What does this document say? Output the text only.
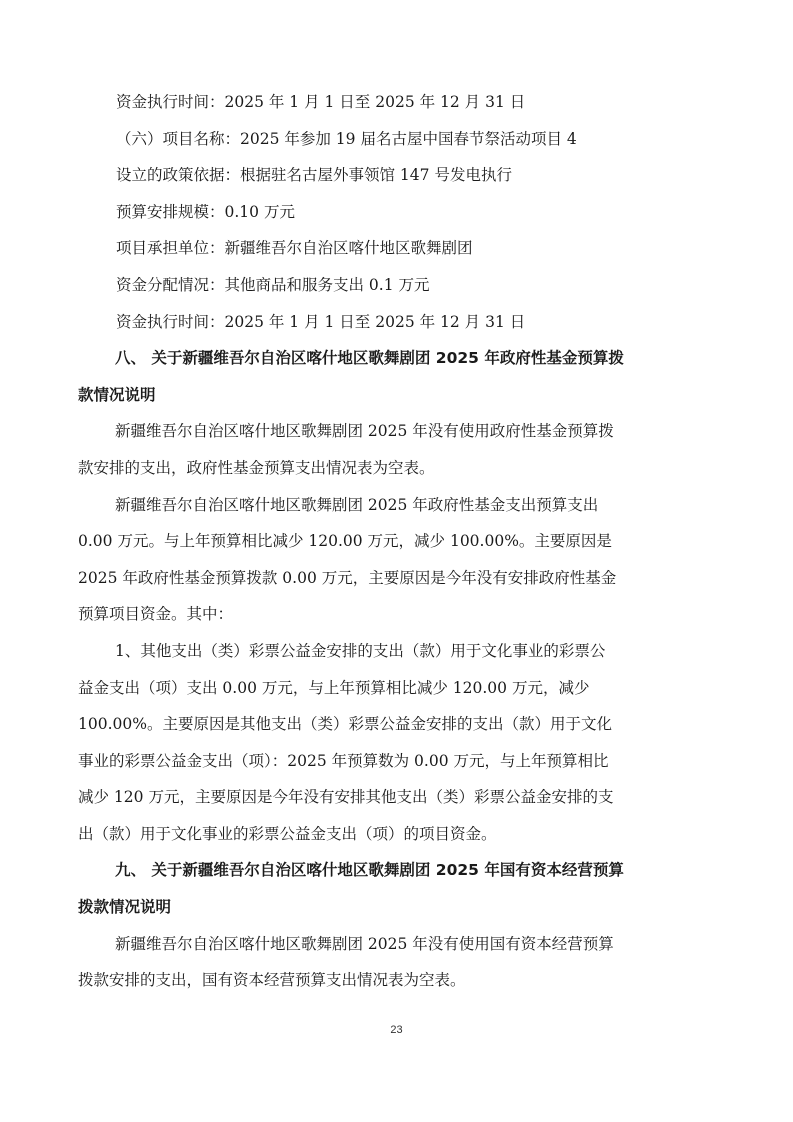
资金执行时间：2025 年 1 月 1 日至 2025 年 12 月 31 日
（六）项目名称：2025 年参加 19 届名古屋中国春节祭活动项目 4
设立的政策依据：根据驻名古屋外事领馆 147 号发电执行
预算安排规模：0.10 万元
项目承担单位：新疆维吾尔自治区喀什地区歌舞剧团
资金分配情况：其他商品和服务支出 0.1 万元
资金执行时间：2025 年 1 月 1 日至 2025 年 12 月 31 日
八、 关于新疆维吾尔自治区喀什地区歌舞剧团 2025 年政府性基金预算拨
款情况说明
新疆维吾尔自治区喀什地区歌舞剧团 2025 年没有使用政府性基金预算拨
款安排的支出，政府性基金预算支出情况表为空表。
新疆维吾尔自治区喀什地区歌舞剧团 2025 年政府性基金支出预算支出
0.00 万元。与上年预算相比减少 120.00 万元，减少 100.00%。主要原因是
2025 年政府性基金预算拨款 0.00 万元，主要原因是今年没有安排政府性基金
预算项目资金。其中：
1、其他支出（类）彩票公益金安排的支出（款）用于文化事业的彩票公
益金支出（项）支出 0.00 万元，与上年预算相比减少 120.00 万元，减少
100.00%。主要原因是其他支出（类）彩票公益金安排的支出（款）用于文化
事业的彩票公益金支出（项）：2025 年预算数为 0.00 万元，与上年预算相比
减少 120 万元，主要原因是今年没有安排其他支出（类）彩票公益金安排的支
出（款）用于文化事业的彩票公益金支出（项）的项目资金。
九、 关于新疆维吾尔自治区喀什地区歌舞剧团 2025 年国有资本经营预算
拨款情况说明
新疆维吾尔自治区喀什地区歌舞剧团 2025 年没有使用国有资本经营预算
拨款安排的支出，国有资本经营预算支出情况表为空表。
23
